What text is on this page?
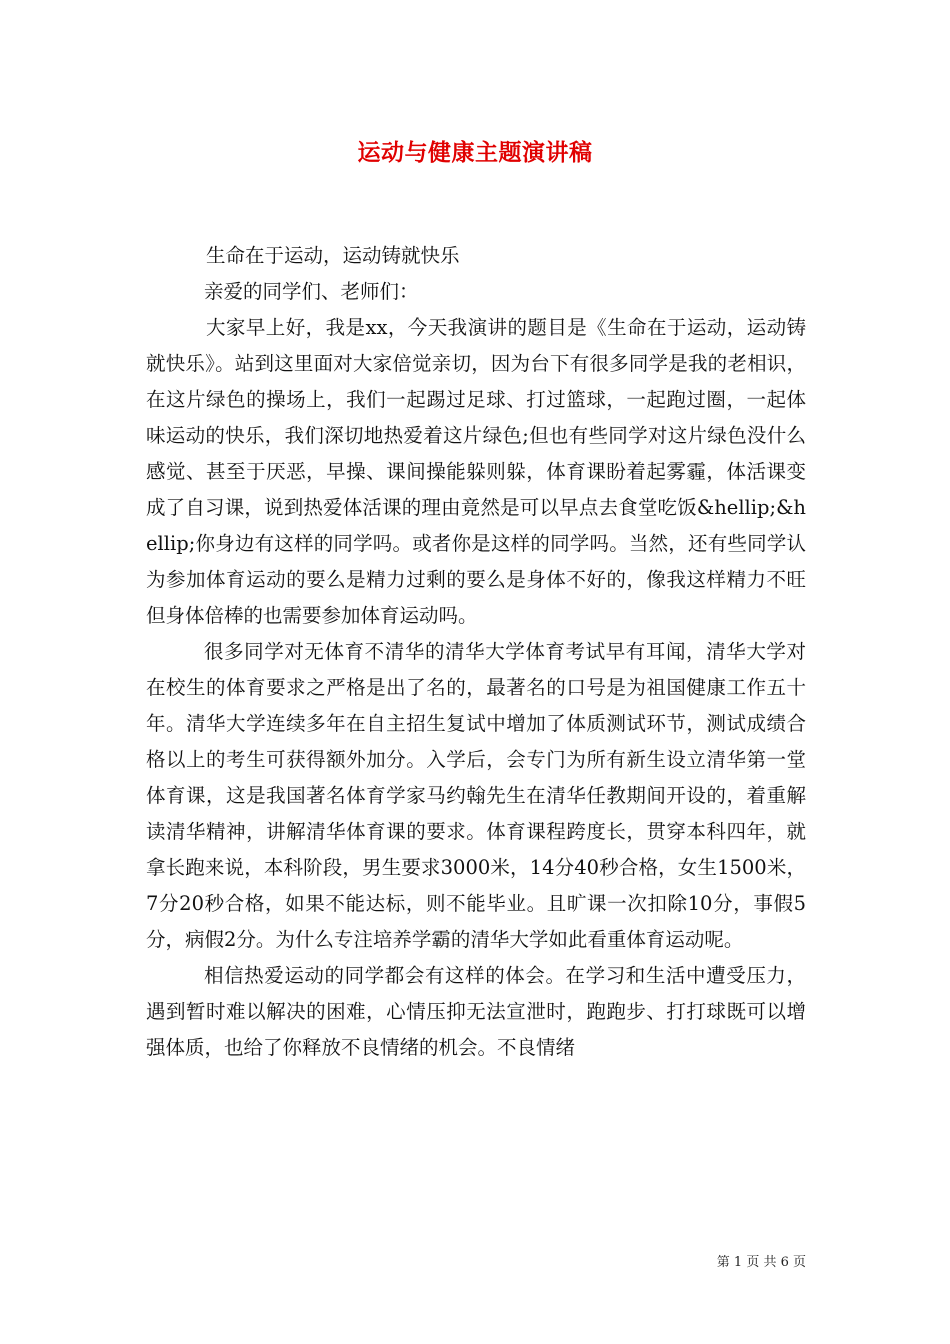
运动与健康主题演讲稿

生命在于运动，运动铸就快乐

亲爱的同学们、老师们：

大家早上好，我是xx，今天我演讲的题目是《生命在于运动，运动铸就快乐》。站到这里面对大家倍觉亲切，因为台下有很多同学是我的老相识，在这片绿色的操场上，我们一起踢过足球、打过篮球，一起跑过圈，一起体味运动的快乐，我们深切地热爱着这片绿色;但也有些同学对这片绿色没什么感觉、甚至于厌恶，早操、课间操能躲则躲，体育课盼着起雾霾，体活课变成了自习课，说到热爱体活课的理由竟然是可以早点去食堂吃饭&hellip;&hellip;你身边有这样的同学吗。或者你是这样的同学吗。当然，还有些同学认为参加体育运动的要么是精力过剩的要么是身体不好的，像我这样精力不旺但身体倍棒的也需要参加体育运动吗。

很多同学对无体育不清华的清华大学体育考试早有耳闻，清华大学对在校生的体育要求之严格是出了名的，最著名的口号是为祖国健康工作五十年。清华大学连续多年在自主招生复试中增加了体质测试环节，测试成绩合格以上的考生可获得额外加分。入学后，会专门为所有新生设立清华第一堂体育课，这是我国著名体育学家马约翰先生在清华任教期间开设的，着重解读清华精神，讲解清华体育课的要求。体育课程跨度长，贯穿本科四年，就拿长跑来说，本科阶段，男生要求3000米，14分40秒合格，女生1500米，7分20秒合格，如果不能达标，则不能毕业。且旷课一次扣除10分，事假5分，病假2分。为什么专注培养学霸的清华大学如此看重体育运动呢。

相信热爱运动的同学都会有这样的体会。在学习和生活中遭受压力，遇到暂时难以解决的困难，心情压抑无法宣泄时，跑跑步、打打球既可以增强体质，也给了你释放不良情绪的机会。不良情绪

第 1 页 共 6 页
